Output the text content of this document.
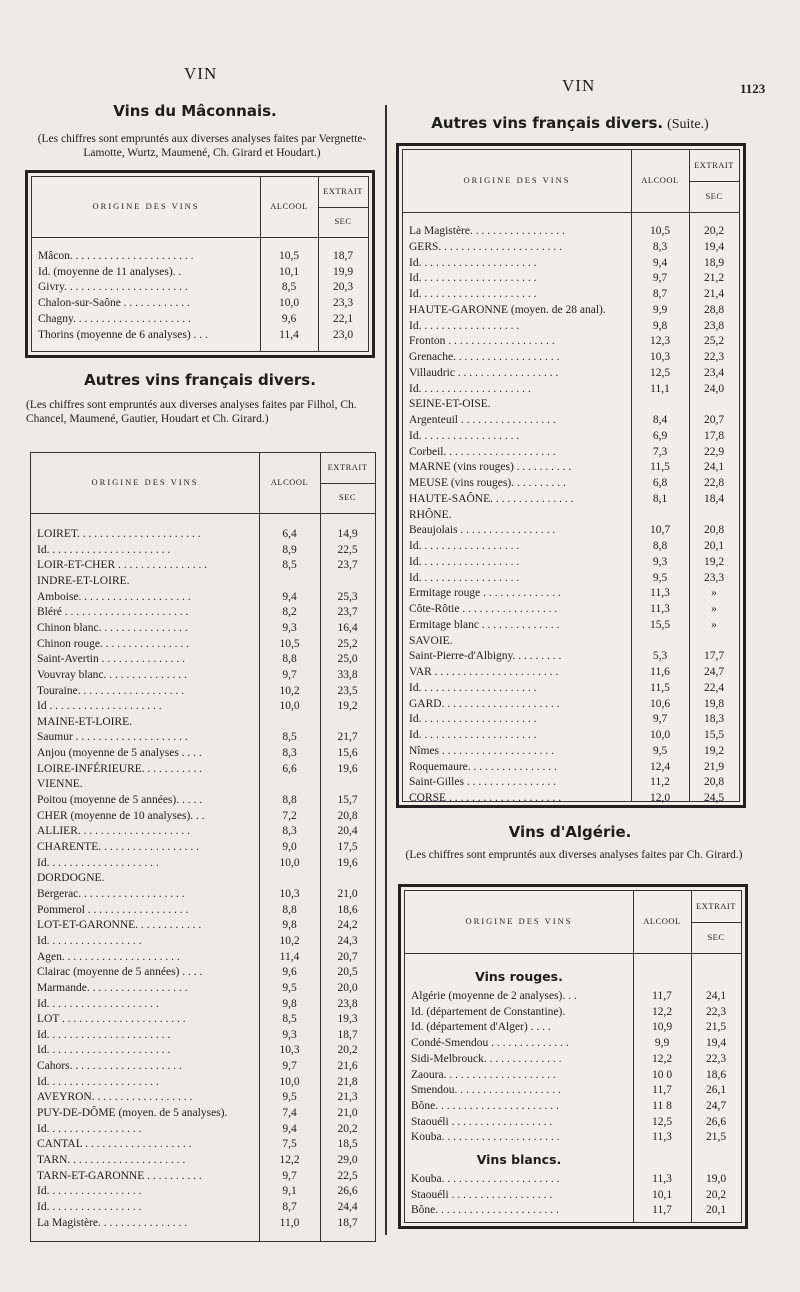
VIN
VIN	1123
Vins du Mâconnais.
(Les chiffres sont empruntés aux diverses analyses faites par Vergnette-Lamotte, Wurtz, Maumené, Ch. Girard et Houdart.)
ORIGINE DES VINS	ALCOOL
EXTRAIT
SEC
Mâcon. . . . . . . . . . . . . . . . . . . . . .	10,5	18,7
Id. (moyenne de 11 analyses). .	10,1	19,9
Givry. . . . . . . . . . . . . . . . . . . . . .	8,5	20,3
Chalon-sur-Saône . . . . . . . . . . . .	10,0	23,3
Chagny. . . . . . . . . . . . . . . . . . . . .	9,6	22,1
Thorins (moyenne de 6 analyses) . . .	11,4	23,0
Autres vins français divers.
(Les chiffres sont empruntés aux diverses analyses faites par Filhol, Ch. Chancel, Maumené, Gautier, Houdart et Ch. Girard.)
ORIGINE DES VINS	ALCOOL
EXTRAIT
SEC
LOIRET. . . . . . . . . . . . . . . . . . . . . .	6,4	14,9
Id. . . . . . . . . . . . . . . . . . . . . .	8,9	22,5
LOIR-ET-CHER . . . . . . . . . . . . . . . .	8,5	23,7
INDRE-ET-LOIRE.
Amboise. . . . . . . . . . . . . . . . . . . .	9,4	25,3
Bléré . . . . . . . . . . . . . . . . . . . . . .	8,2	23,7
Chinon blanc. . . . . . . . . . . . . . . .	9,3	16,4
Chinon rouge. . . . . . . . . . . . . . . .	10,5	25,2
Saint-Avertin . . . . . . . . . . . . . . .	8,8	25,0
Vouvray blanc. . . . . . . . . . . . . . .	9,7	33,8
Touraine. . . . . . . . . . . . . . . . . . .	10,2	23,5
Id . . . . . . . . . . . . . . . . . . . .	10,0	19,2
MAINE-ET-LOIRE.
Saumur . . . . . . . . . . . . . . . . . . . .	8,5	21,7
Anjou (moyenne de 5 analyses . . . .	8,3	15,6
LOIRE-INFÉRIEURE. . . . . . . . . . .	6,6	19,6
VIENNE.
Poitou (moyenne de 5 années). . . . .	8,8	15,7
CHER (moyenne de 10 analyses). . .	7,2	20,8
ALLIER. . . . . . . . . . . . . . . . . . . .	8,3	20,4
CHARENTE. . . . . . . . . . . . . . . . . .	9,0	17,5
Id. . . . . . . . . . . . . . . . . . . .	10,0	19,6
DORDOGNE.
Bergerac. . . . . . . . . . . . . . . . . . .	10,3	21,0
Pommerol . . . . . . . . . . . . . . . . . .	8,8	18,6
LOT-ET-GARONNE. . . . . . . . . . . .	9,8	24,2
Id. . . . . . . . . . . . . . . . .	10,2	24,3
Agen. . . . . . . . . . . . . . . . . . . . .	11,4	20,7
Clairac (moyenne de 5 années) . . . .	9,6	20,5
Marmande. . . . . . . . . . . . . . . . . .	9,5	20,0
Id. . . . . . . . . . . . . . . . . . . .	9,8	23,8
LOT . . . . . . . . . . . . . . . . . . . . . .	8,5	19,3
Id. . . . . . . . . . . . . . . . . . . . . .	9,3	18,7
Id. . . . . . . . . . . . . . . . . . . . . .	10,3	20,2
Cahors. . . . . . . . . . . . . . . . . . . .	9,7	21,6
Id. . . . . . . . . . . . . . . . . . . .	10,0	21,8
AVEYRON. . . . . . . . . . . . . . . . . .	9,5	21,3
PUY-DE-DÔME (moyen. de 5 analyses).	7,4	21,0
Id. . . . . . . . . . . . . . . . .	9,4	20,2
CANTAL . . . . . . . . . . . . . . . . . . .	7,5	18,5
TARN. . . . . . . . . . . . . . . . . . . . .	12,2	29,0
TARN-ET-GARONNE . . . . . . . . . .	9,7	22,5
Id. . . . . . . . . . . . . . . . .	9,1	26,6
Id. . . . . . . . . . . . . . . . .	8,7	24,4
La Magistère. . . . . . . . . . . . . . . .	11,0	18,7
Autres vins français divers. (Suite.)
ORIGINE DES VINS	ALCOOL
EXTRAIT
SEC
La Magistère. . . . . . . . . . . . . . . . .	10,5	20,2
GERS. . . . . . . . . . . . . . . . . . . . . .	8,3	19,4
Id. . . . . . . . . . . . . . . . . . . . .	9,4	18,9
Id. . . . . . . . . . . . . . . . . . . . .	9,7	21,2
Id. . . . . . . . . . . . . . . . . . . . .	8,7	21,4
HAUTE-GARONNE (moyen. de 28 anal).	9,9	28,8
Id. . . . . . . . . . . . . . . . . .	9,8	23,8
Fronton . . . . . . . . . . . . . . . . . . .	12,3	25,2
Grenache. . . . . . . . . . . . . . . . . . .	10,3	22,3
Villaudric . . . . . . . . . . . . . . . . . .	12,5	23,4
Id. . . . . . . . . . . . . . . . . . . .	11,1	24,0
SEINE-ET-OISE.
Argenteuil . . . . . . . . . . . . . . . . .	8,4	20,7
Id. . . . . . . . . . . . . . . . . .	6,9	17,8
Corbeil. . . . . . . . . . . . . . . . . . . .	7,3	22,9
MARNE (vins rouges) . . . . . . . . . .	11,5	24,1
MEUSE (vins rouges). . . . . . . . . .	6,8	22,8
HAUTE-SAÔNE. . . . . . . . . . . . . . .	8,1	18,4
RHÔNE.
Beaujolais . . . . . . . . . . . . . . . . .	10,7	20,8
Id. . . . . . . . . . . . . . . . . .	8,8	20,1
Id. . . . . . . . . . . . . . . . . .	9,3	19,2
Id. . . . . . . . . . . . . . . . . .	9,5	23,3
Ermitage rouge . . . . . . . . . . . . . .	11,3	»
Côte-Rôtie . . . . . . . . . . . . . . . . .	11,3	»
Ermitage blanc . . . . . . . . . . . . . .	15,5	»
SAVOIE.
Saint-Pierre-d'Albigny. . . . . . . . .	5,3	17,7
VAR . . . . . . . . . . . . . . . . . . . . . .	11,6	24,7
Id. . . . . . . . . . . . . . . . . . . . .	11,5	22,4
GARD. . . . . . . . . . . . . . . . . . . . .	10,6	19,8
Id. . . . . . . . . . . . . . . . . . . . .	9,7	18,3
Id. . . . . . . . . . . . . . . . . . . . .	10,0	15,5
Nîmes . . . . . . . . . . . . . . . . . . . .	9,5	19,2
Roquemaure. . . . . . . . . . . . . . . .	12,4	21,9
Saint-Gilles . . . . . . . . . . . . . . . .	11,2	20,8
CORSE . . . . . . . . . . . . . . . . . . . .	12,0	24,5
Vins d'Algérie.
(Les chiffres sont empruntés aux diverses analyses faites par Ch. Girard.)
ORIGINE DES VINS	ALCOOL
EXTRAIT
SEC
Vins rouges.
Algérie (moyenne de 2 analyses). . .	11,7	24,1
Id. (département de Constantine).	12,2	22,3
Id. (département d'Alger) . . . .	10,9	21,5
Condé-Smendou . . . . . . . . . . . . . .	9,9	19,4
Sidi-Melbrouck. . . . . . . . . . . . . .	12,2	22,3
Zaoura. . . . . . . . . . . . . . . . . . . .	10 0	18,6
Smendou. . . . . . . . . . . . . . . . . . .	11,7	26,1
Bône. . . . . . . . . . . . . . . . . . . . . .	11 8	24,7
Staouéli . . . . . . . . . . . . . . . . . .	12,5	26,6
Kouba. . . . . . . . . . . . . . . . . . . . .	11,3	21,5
Vins blancs.
Kouba. . . . . . . . . . . . . . . . . . . . .	11,3	19,0
Staouéli . . . . . . . . . . . . . . . . . .	10,1	20,2
Bône. . . . . . . . . . . . . . . . . . . . . .	11,7	20,1
